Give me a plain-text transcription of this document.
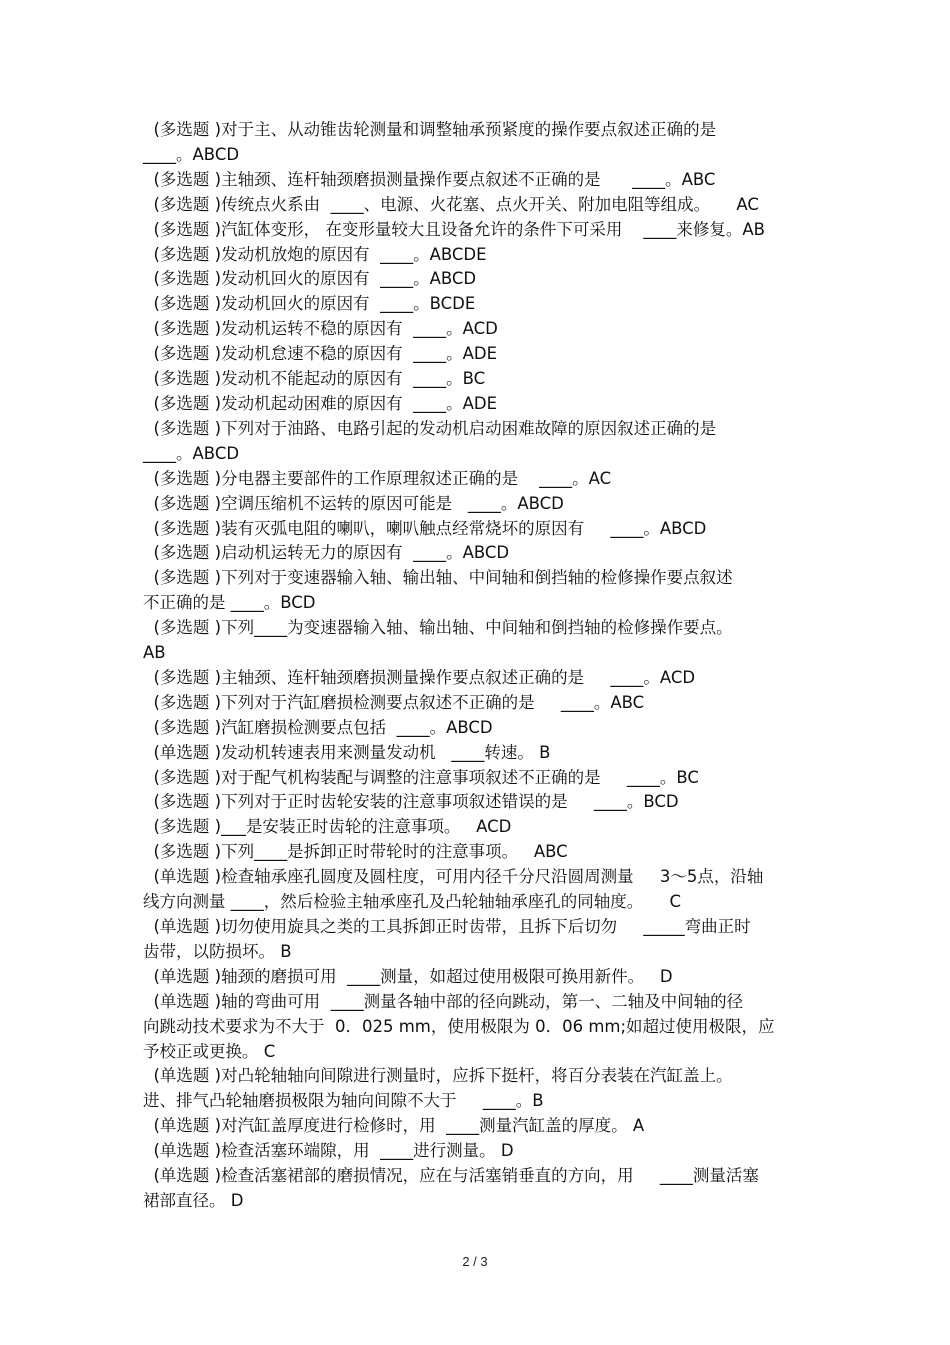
(多选题 )对于主、从动锥齿轮测量和调整轴承预紧度的操作要点叙述正确的是

____。ABCD

(多选题 )主轴颈、连杆轴颈磨损测量操作要点叙述不正确的是      ____。ABC

(多选题 )传统点火系由  ____、电源、火花塞、点火开关、附加电阻等组成。     AC

(多选题 )汽缸体变形， 在变形量较大且设备允许的条件下可采用    ____来修复。AB

(多选题 )发动机放炮的原因有  ____。ABCDE

(多选题 )发动机回火的原因有  ____。ABCD

(多选题 )发动机回火的原因有  ____。BCDE

(多选题 )发动机运转不稳的原因有  ____。ACD

(多选题 )发动机怠速不稳的原因有  ____。ADE

(多选题 )发动机不能起动的原因有  ____。BC

(多选题 )发动机起动困难的原因有  ____。ADE

(多选题 )下列对于油路、电路引起的发动机启动困难故障的原因叙述正确的是

____。ABCD

(多选题 )分电器主要部件的工作原理叙述正确的是    ____。AC

(多选题 )空调压缩机不运转的原因可能是   ____。ABCD

(多选题 )装有灭弧电阻的喇叭，喇叭触点经常烧坏的原因有     ____。ABCD

(多选题 )启动机运转无力的原因有  ____。ABCD

(多选题 )下列对于变速器输入轴、输出轴、中间轴和倒挡轴的检修操作要点叙述

不正确的是 ____。BCD

(多选题 )下列____为变速器输入轴、输出轴、中间轴和倒挡轴的检修操作要点。

AB

(多选题 )主轴颈、连杆轴颈磨损测量操作要点叙述正确的是     ____。ACD

(多选题 )下列对于汽缸磨损检测要点叙述不正确的是     ____。ABC

(多选题 )汽缸磨损检测要点包括  ____。ABCD

(单选题 )发动机转速表用来测量发动机   ____转速。 B

(多选题 )对于配气机构装配与调整的注意事项叙述不正确的是     ____。BC

(多选题 )下列对于正时齿轮安装的注意事项叙述错误的是     ____。BCD

(多选题 )___是安装正时齿轮的注意事项。   ACD

(多选题 )下列____是拆卸正时带轮时的注意事项。   ABC

(单选题 )检查轴承座孔圆度及圆柱度，可用内径千分尺沿圆周测量     3～5点，沿轴

线方向测量 ____，然后检验主轴承座孔及凸轮轴轴承座孔的同轴度。     C

(单选题 )切勿使用旋具之类的工具拆卸正时齿带，且拆下后切勿     _____弯曲正时

齿带，以防损坏。 B

(单选题 )轴颈的磨损可用  ____测量，如超过使用极限可换用新件。   D

(单选题 )轴的弯曲可用  ____测量各轴中部的径向跳动，第一、二轴及中间轴的径

向跳动技术要求为不大于  0．025 mm，使用极限为 0．06 mm;如超过使用极限，应

予校正或更换。 C

(单选题 )对凸轮轴轴向间隙进行测量时，应拆下挺杆，将百分表装在汽缸盖上。

进、排气凸轮轴磨损极限为轴向间隙不大于     ____。B

(单选题 )对汽缸盖厚度进行检修时，用  ____测量汽缸盖的厚度。 A

(单选题 )检查活塞环端隙，用  ____进行测量。 D

(单选题 )检查活塞裙部的磨损情况，应在与活塞销垂直的方向，用     ____测量活塞

裙部直径。 D

2 / 3
